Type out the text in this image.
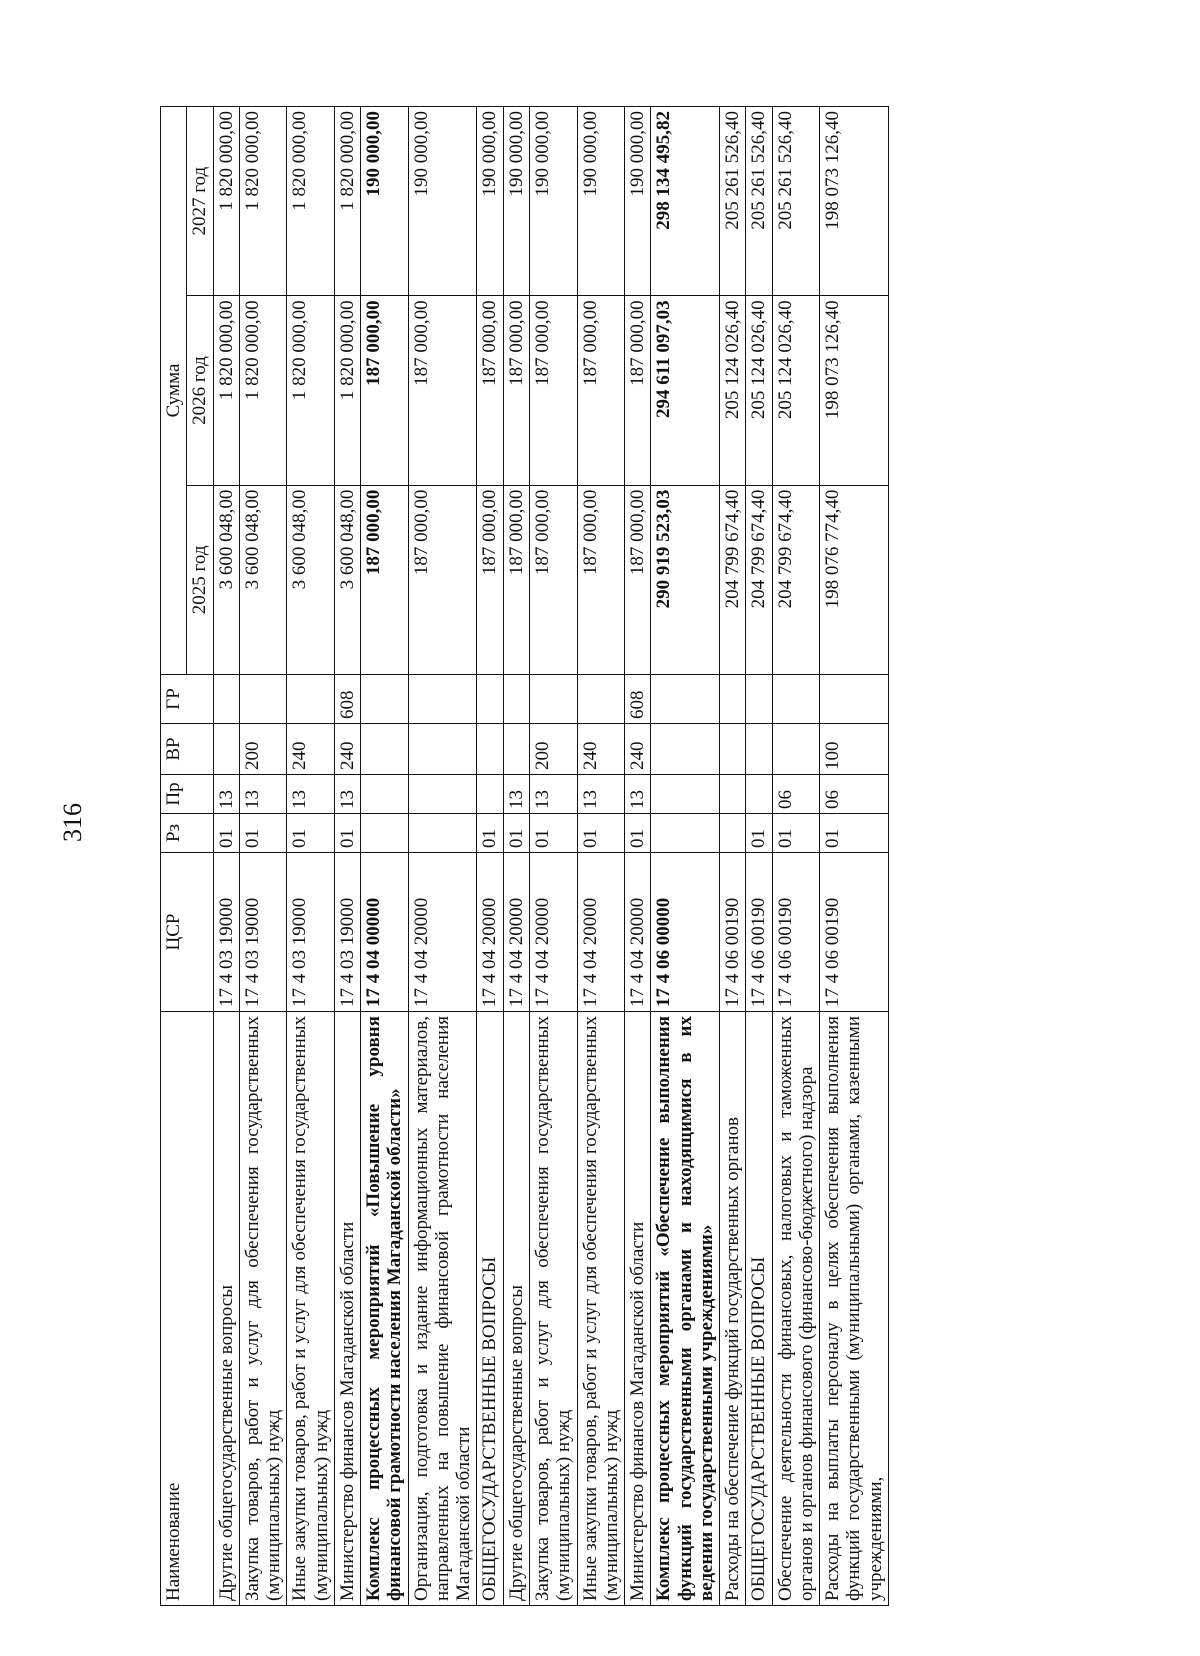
316
Наименование	ЦСР	Рз	Пр	ВР	ГР	Сумма		
						2025 год	2026 год	2027 год
Другие общегосударственные вопросы	17 4 03 19000	01	13			3 600 048,00	1 820 000,00	1 820 000,00
Закупка товаров, работ и услуг для обеспечения государственных (муниципальных) нужд	17 4 03 19000	01	13	200		3 600 048,00	1 820 000,00	1 820 000,00
Иные закупки товаров, работ и услуг для обеспечения государственных (муниципальных) нужд	17 4 03 19000	01	13	240		3 600 048,00	1 820 000,00	1 820 000,00
Министерство финансов Магаданской области	17 4 03 19000	01	13	240	608	3 600 048,00	1 820 000,00	1 820 000,00
Комплекс процессных мероприятий «Повышение уровня финансовой грамотности населения Магаданской области»	17 4 04 00000					187 000,00	187 000,00	190 000,00
Организация, подготовка и издание информационных материалов, направленных на повышение финансовой грамотности населения Магаданской области	17 4 04 20000					187 000,00	187 000,00	190 000,00
ОБЩЕГОСУДАРСТВЕННЫЕ ВОПРОСЫ	17 4 04 20000	01				187 000,00	187 000,00	190 000,00
Другие общегосударственные вопросы	17 4 04 20000	01	13			187 000,00	187 000,00	190 000,00
Закупка товаров, работ и услуг для обеспечения государственных (муниципальных) нужд	17 4 04 20000	01	13	200		187 000,00	187 000,00	190 000,00
Иные закупки товаров, работ и услуг для обеспечения государственных (муниципальных) нужд	17 4 04 20000	01	13	240		187 000,00	187 000,00	190 000,00
Министерство финансов Магаданской области	17 4 04 20000	01	13	240	608	187 000,00	187 000,00	190 000,00
Комплекс процессных мероприятий «Обеспечение выполнения функций государственными органами и находящимися в их ведении государственными учреждениями»	17 4 06 00000					290 919 523,03	294 611 097,03	298 134 495,82
Расходы на обеспечение функций государственных органов	17 4 06 00190					204 799 674,40	205 124 026,40	205 261 526,40
ОБЩЕГОСУДАРСТВЕННЫЕ ВОПРОСЫ	17 4 06 00190	01				204 799 674,40	205 124 026,40	205 261 526,40
Обеспечение деятельности финансовых, налоговых и таможенных органов и органов финансового (финансово-бюджетного) надзора	17 4 06 00190	01	06			204 799 674,40	205 124 026,40	205 261 526,40
Расходы на выплаты персоналу в целях обеспечения выполнения функций государственными (муниципальными) органами, казенными учреждениями,	17 4 06 00190	01	06	100		198 076 774,40	198 073 126,40	198 073 126,40
